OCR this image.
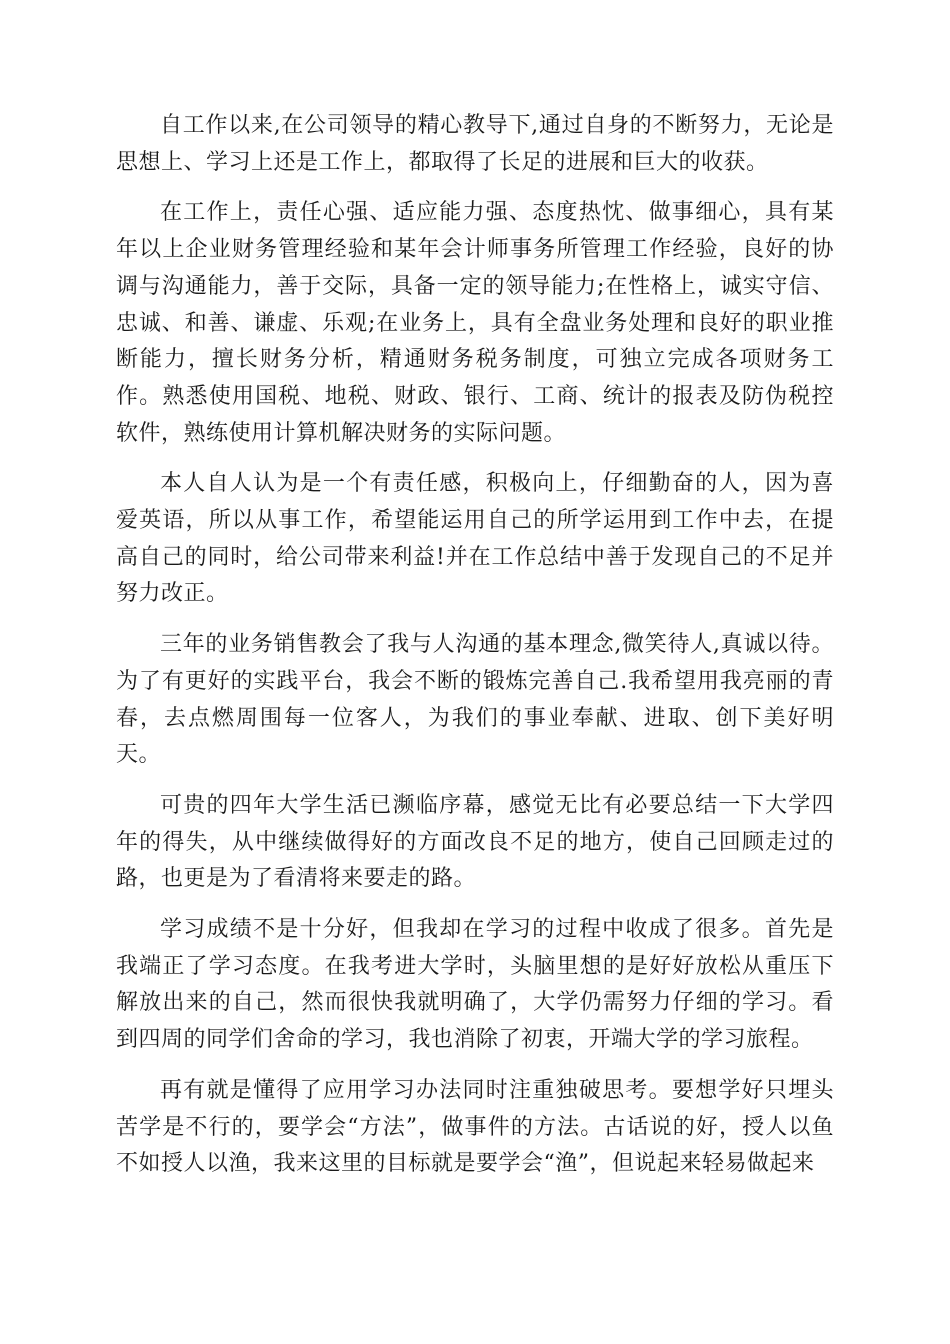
自工作以来,在公司领导的精心教导下,通过自身的不断努力，无论是思想上、学习上还是工作上，都取得了长足的进展和巨大的收获。

在工作上，责任心强、适应能力强、态度热忱、做事细心，具有某年以上企业财务管理经验和某年会计师事务所管理工作经验，良好的协调与沟通能力，善于交际，具备一定的领导能力;在性格上，诚实守信、忠诚、和善、谦虚、乐观;在业务上，具有全盘业务处理和良好的职业推断能力，擅长财务分析，精通财务税务制度，可独立完成各项财务工作。熟悉使用国税、地税、财政、银行、工商、统计的报表及防伪税控软件，熟练使用计算机解决财务的实际问题。

本人自人认为是一个有责任感，积极向上，仔细勤奋的人，因为喜爱英语，所以从事工作，希望能运用自己的所学运用到工作中去，在提高自己的同时，给公司带来利益!并在工作总结中善于发现自己的不足并努力改正。

三年的业务销售教会了我与人沟通的基本理念,微笑待人,真诚以待。为了有更好的实践平台，我会不断的锻炼完善自己.我希望用我亮丽的青春，去点燃周围每一位客人，为我们的事业奉献、进取、创下美好明天。

可贵的四年大学生活已濒临序幕，感觉无比有必要总结一下大学四年的得失，从中继续做得好的方面改良不足的地方，使自己回顾走过的路，也更是为了看清将来要走的路。

学习成绩不是十分好，但我却在学习的过程中收成了很多。首先是我端正了学习态度。在我考进大学时，头脑里想的是好好放松从重压下解放出来的自己，然而很快我就明确了，大学仍需努力仔细的学习。看到四周的同学们舍命的学习，我也消除了初衷，开端大学的学习旅程。

再有就是懂得了应用学习办法同时注重独破思考。要想学好只埋头苦学是不行的，要学会“方法”，做事件的方法。古话说的好，授人以鱼不如授人以渔，我来这里的目标就是要学会“渔”，但说起来轻易做起来
